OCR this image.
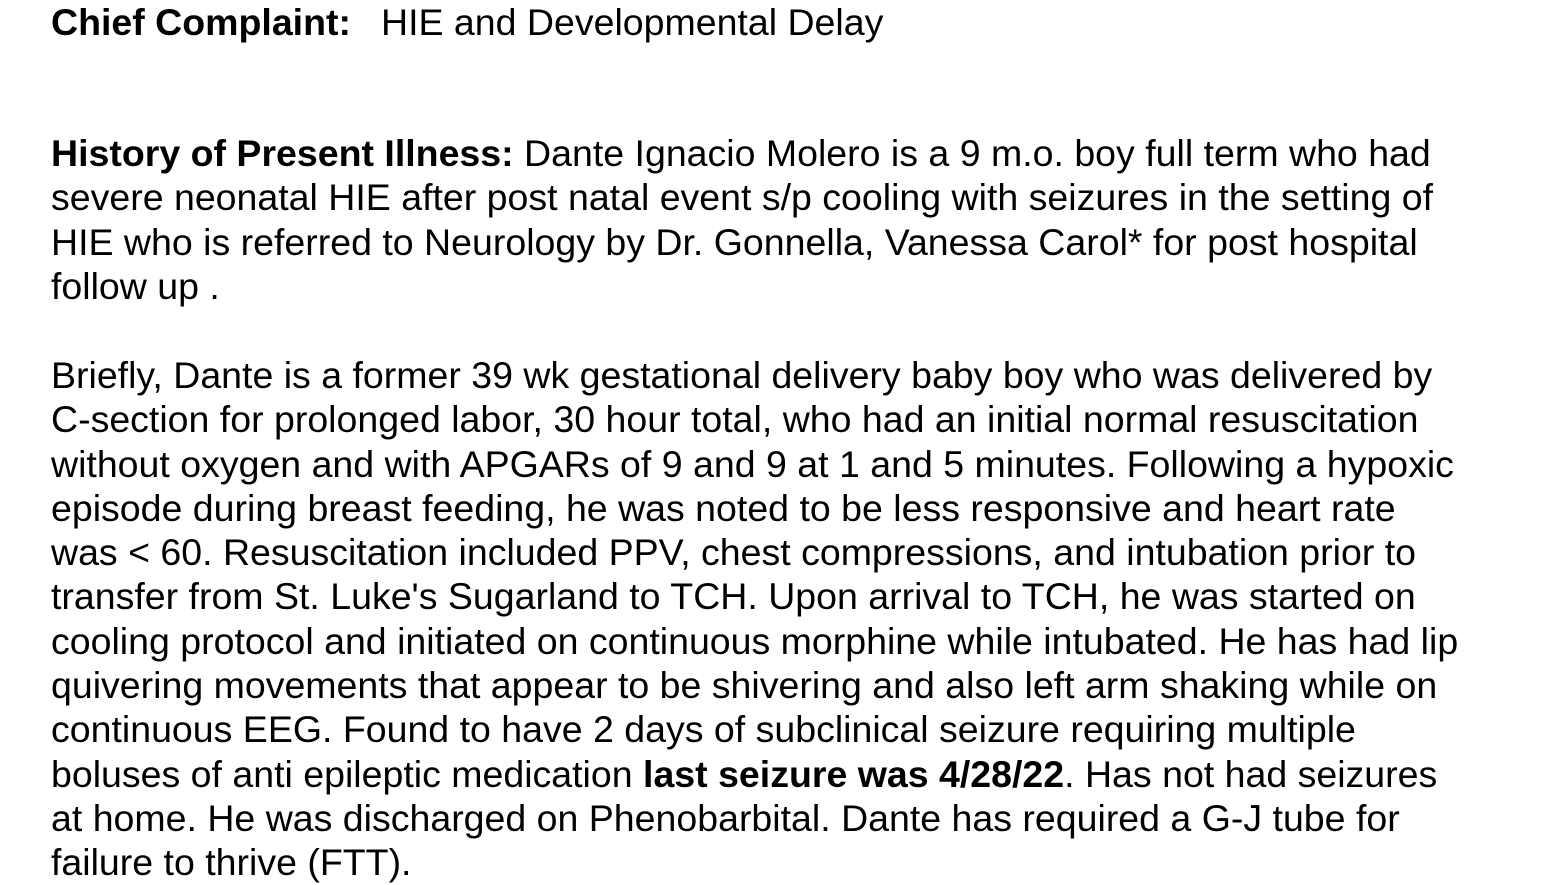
Chief Complaint: HIE and Developmental Delay

History of Present Illness: Dante Ignacio Molero is a 9 m.o. boy full term who had
severe neonatal HIE after post natal event s/p cooling with seizures in the setting of
HIE who is referred to Neurology by Dr. Gonnella, Vanessa Carol* for post hospital
follow up .

Briefly, Dante is a former 39 wk gestational delivery baby boy who was delivered by
C-section for prolonged labor, 30 hour total, who had an initial normal resuscitation
without oxygen and with APGARs of 9 and 9 at 1 and 5 minutes. Following a hypoxic
episode during breast feeding, he was noted to be less responsive and heart rate
was < 60. Resuscitation included PPV, chest compressions, and intubation prior to
transfer from St. Luke's Sugarland to TCH. Upon arrival to TCH, he was started on
cooling protocol and initiated on continuous morphine while intubated. He has had lip
quivering movements that appear to be shivering and also left arm shaking while on
continuous EEG. Found to have 2 days of subclinical seizure requiring multiple
boluses of anti epileptic medication last seizure was 4/28/22. Has not had seizures
at home. He was discharged on Phenobarbital. Dante has required a G-J tube for
failure to thrive (FTT).
